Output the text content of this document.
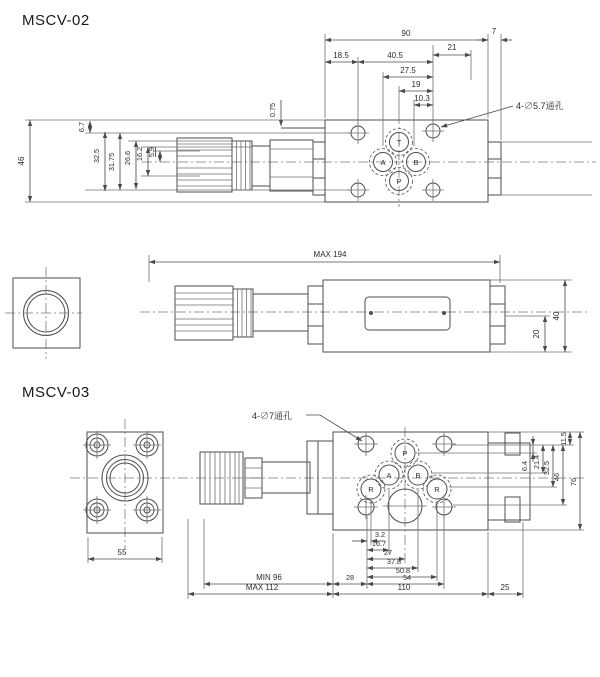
MSCV-02
T
A	B
P
4-∅5.7通孔
90	7
21
18.5	40.5
27.5
19
10.3
0.75
46
6.7
32.5 31.75 26.6 16.2 5.9
MAX 194
40
20
MSCV-03
55
P
A	B
R	R
4-∅7通孔
6.4 21.4 32.5
46
11.5
76
3.2
16.7
27
37.8
50.8
54
28
MIN 96
MAX 112	110	25
